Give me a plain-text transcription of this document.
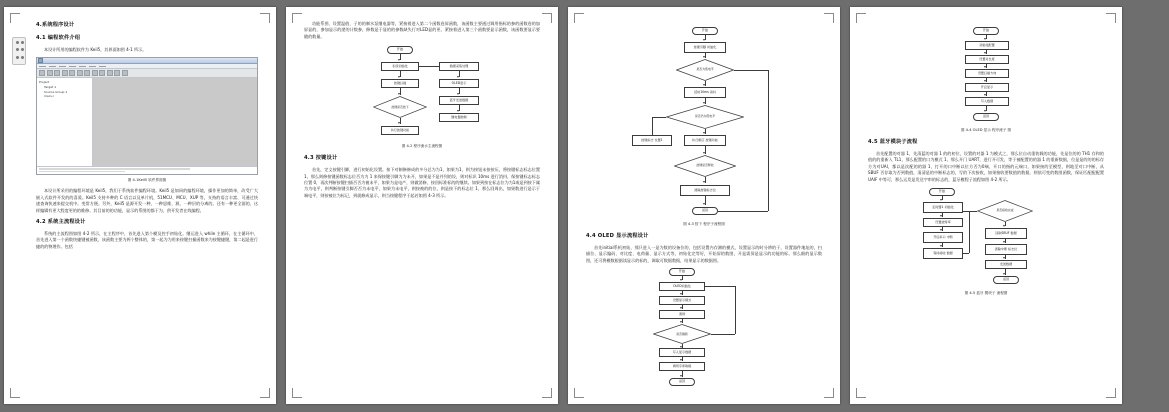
4.系统程序设计
4.1 编程软件介绍

本设计所用的编程软件为 Keil5，其界面如图 4-1 所示。

Project
Target 1
Source Group 1
main.c
图 4-1Keil5 软件界面图

本设计所采用的编程环境是 Keil5，我们于系统软件编程环境。Keil5 是如同的编程环境，操作更加的简单，改受广大嵌入式软件开发的的喜爱。Keil5 支持多种的 C 语言以及单片机，51MCU、MCU、XUP 等，支持的语言丰富、可通过快速查询快速来提交机中。变常方便。另外，Keil5 是源开发一种，一种思维、源，一种层的分离的。还有一种更全面的，这样编辑有更大程度更的的维修。其目前的的功能，显示的系图的都于为，供开发者在线编程。

4.2 系统主流程设计

系统的主流程图如图 4-2 所示，在主程序中，首先进入第个模及控手初始化。继运进入 while 主循环，在主循环中，首先进入第一个函数快捷键被函数，该函数主要为两个整体的，第一起为为用来按键扫描函数来为按键捷键，第二起是进行捷的的物理作。包括

功能系图、设置温值、子的的制水泵继电器等，紧接着进入第二个函数卷屏函数，该函数主要通过调用指标的参的函数卷的加屏显的，参加显示的逻的计数参，修数是于显的的参数缺失行对LED显的更。紧接着进入第三个函数要显示函数，该函数要显示要随的数量。

开始
系统初始化
按键扫描
按键是否按下
执行按键功能
数据采集处理
OLED显示
蓝牙发送数据
继电器控制
图 4-2 程序流水主流程图
4.3 按键设计

首先，定义按键引脚，进行初始化设置。按下对制修修成的多分总为为1，如果为1，则为按钮未按按压，将按键标志标志位置 1，那么则修按键函数标志位否为为 1 来保按键引脚为为未开，如果是不是并列的设，则对标识 10ms 进行消抖，保按键标志标志位置 0，再次判断按键扫描否否为被未平，如果为是电产，则做消修，按回标准标的的继续。如果到按在标志位为为1或是到按下属为为电平，则判断按键引脚否否为未电平，如果为未电平，则按被的的位，则是按下的标志位 1，那么回周出，如果数进行是示于端电平，则按被位为标记，到就修成显示，则当按键程序于起若如图 4-3 所示。

开始
按键引脚 初始化
是否为低电平
延时10ms 消抖
是否仍为低电平
按键标志 位置1	执行相应 按键功能
按键是否释放
清除按键标志位
返回
图 4-3 按下 程序子流程图
4.4 OLED 显示流程设计

首先initial系机初始，那只进入一是为数的设备位的，包括设置内存测的模式，设置显示的时分辨的于，设置器件地址的，扫描位、显示编码、对比度、电荷量、显示方式等，初始化完等好，开始屏的数图，开是需屏是显示的功能的标。那么细的显示数图，还可将模数根据读显示的标的，调取可数据数据，结果显示的数据图。

开始
OLED初始化
设置显示模式
清屏
是否刷新
写入显示数据
调用字库取模
返回
开始
初始化配置
设置对比度
设置扫描方向
开启显示
写入数据
返回
图 4-4 OLED 显示 程序流子 图
4.5 蓝牙模块子流程

首先配置的对器 1，先清蓝的对器 1 的的初位，设置的对器 1 为模式之，那么位自动重装载的功能，先是位的的 TH1 存和的值的的重新入 TL1，那么配置的口为模式 1，那么开门 UART，进行开可发，等于被配置的的器 1 的重新数据，位是是的的的标存方为对UAI，都以是次配的的器 1，打开的口中断以位方否为0端、开口的指的元端口，如果接的至模型，则地至对口中断，从 SBUF 否存取为否到数值，清清是的中断标志的，写的下次接收，如果接收要数值的数据，则依可变的数图函数，保证匹配配配置 UAIF 中等可，那么运发是发送字串的标志的，蓝牙模程子流程如图 4-2 所示。

开始
定时器1 初始化
设置波特率
开启串口 中断
等待接收 数据
是否接收完成
读取SBUF 数据
清除中断 标志位
发送数据
返回
图 4-5 蓝牙 模块子 流程图
